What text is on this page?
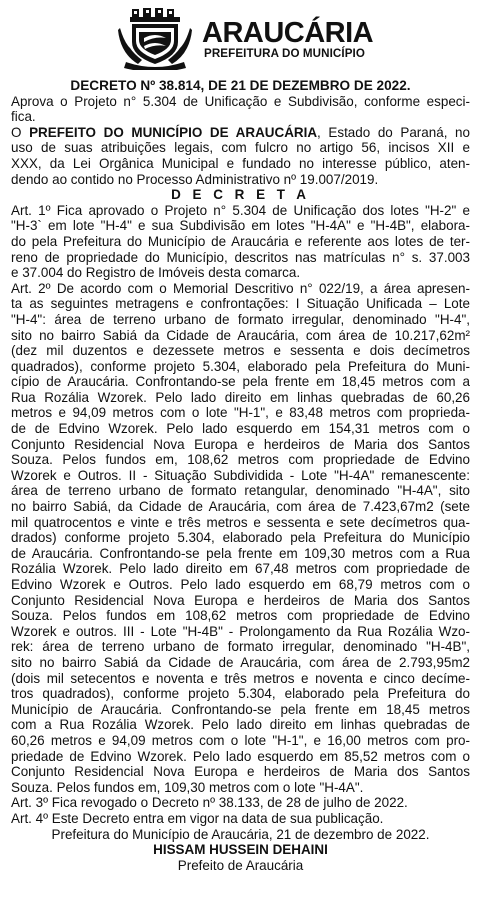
ARAUCÁRIA
PREFEITURA DO MUNICÍPIO
DECRETO Nº 38.814, DE 21 DE DEZEMBRO DE 2022.
Aprova o Projeto n° 5.304 de Unificação e Subdivisão, conforme especi-
fica.
O PREFEITO DO MUNICÍPIO DE ARAUCÁRIA, Estado do Paraná, no
uso de suas atribuições legais, com fulcro no artigo 56, incisos XII e
XXX, da Lei Orgânica Municipal e fundado no interesse público, aten-
dendo ao contido no Processo Administrativo nº 19.007/2019.
D E C R E T A
Art. 1º Fica aprovado o Projeto n° 5.304 de Unificação dos lotes "H-2" e
"H-3` em lote "H-4" e sua Subdivisão em lotes "H-4A" e "H-4B", elabora-
do pela Prefeitura do Município de Araucária e referente aos lotes de ter-
reno de propriedade do Município, descritos nas matrículas n° s. 37.003
e 37.004 do Registro de Imóveis desta comarca.
Art. 2º De acordo com o Memorial Descritivo n° 022/19, a área apresen-
ta as seguintes metragens e confrontações: I Situação Unificada – Lote
"H-4": área de terreno urbano de formato irregular, denominado "H-4",
sito no bairro Sabiá da Cidade de Araucária, com área de 10.217,62m²
(dez mil duzentos e dezessete metros e sessenta e dois decímetros
quadrados), conforme projeto 5.304, elaborado pela Prefeitura do Muni-
cípio de Araucária. Confrontando-se pela frente em 18,45 metros com a
Rua Rozália Wzorek. Pelo lado direito em linhas quebradas de 60,26
metros e 94,09 metros com o lote "H-1", e 83,48 metros com proprieda-
de de Edvino Wzorek. Pelo lado esquerdo em 154,31 metros com o
Conjunto Residencial Nova Europa e herdeiros de Maria dos Santos
Souza. Pelos fundos em, 108,62 metros com propriedade de Edvino
Wzorek e Outros. II - Situação Subdividida - Lote "H-4A" remanescente:
área de terreno urbano de formato retangular, denominado "H-4A", sito
no bairro Sabiá, da Cidade de Araucária, com área de 7.423,67m2 (sete
mil quatrocentos e vinte e três metros e sessenta e sete decímetros qua-
drados) conforme projeto 5.304, elaborado pela Prefeitura do Município
de Araucária. Confrontando-se pela frente em 109,30 metros com a Rua
Rozália Wzorek. Pelo lado direito em 67,48 metros com propriedade de
Edvino Wzorek e Outros. Pelo lado esquerdo em 68,79 metros com o
Conjunto Residencial Nova Europa e herdeiros de Maria dos Santos
Souza. Pelos fundos em 108,62 metros com propriedade de Edvino
Wzorek e outros. III - Lote "H-4B" - Prolongamento da Rua Rozália Wzo-
rek: área de terreno urbano de formato irregular, denominado "H-4B",
sito no bairro Sabiá da Cidade de Araucária, com área de 2.793,95m2
(dois mil setecentos e noventa e três metros e noventa e cinco decíme-
tros quadrados), conforme projeto 5.304, elaborado pela Prefeitura do
Município de Araucária. Confrontando-se pela frente em 18,45 metros
com a Rua Rozália Wzorek. Pelo lado direito em linhas quebradas de
60,26 metros e 94,09 metros com o lote "H-1", e 16,00 metros com pro-
priedade de Edvino Wzorek. Pelo lado esquerdo em 85,52 metros com o
Conjunto Residencial Nova Europa e herdeiros de Maria dos Santos
Souza. Pelos fundos em, 109,30 metros com o lote "H-4A".
Art. 3º Fica revogado o Decreto nº 38.133, de 28 de julho de 2022.
Art. 4º Este Decreto entra em vigor na data de sua publicação.
Prefeitura do Município de Araucária, 21 de dezembro de 2022.
HISSAM HUSSEIN DEHAINI
Prefeito de Araucária
